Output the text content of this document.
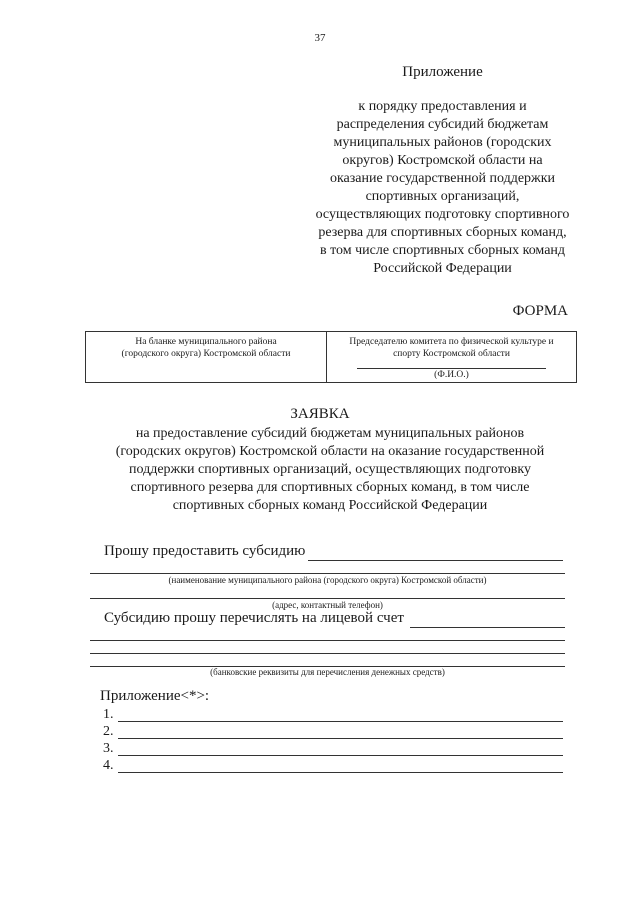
37
Приложение
к порядку предоставления и
распределения субсидий бюджетам
муниципальных районов (городских
округов) Костромской области на
оказание государственной поддержки
спортивных организаций,
осуществляющих подготовку спортивного
резерва для спортивных сборных команд,
в том числе спортивных сборных команд
Российской Федерации
ФОРМА
На бланке муниципального района
(городского округа) Костромской области
Председателю комитета по физической культуре и
спорту Костромской области
(Ф.И.О.)
ЗАЯВКА
на предоставление субсидий бюджетам муниципальных районов
(городских округов) Костромской области на оказание государственной
поддержки спортивных организаций, осуществляющих подготовку
спортивного резерва для спортивных сборных команд, в том числе
спортивных сборных команд Российской Федерации
Прошу предоставить субсидию
(наименование муниципального района (городского округа) Костромской области)
(адрес, контактный телефон)
Субсидию прошу перечислять на лицевой счет
(банковские реквизиты для перечисления денежных средств)
Приложение<*>:
1.
2.
3.
4.
